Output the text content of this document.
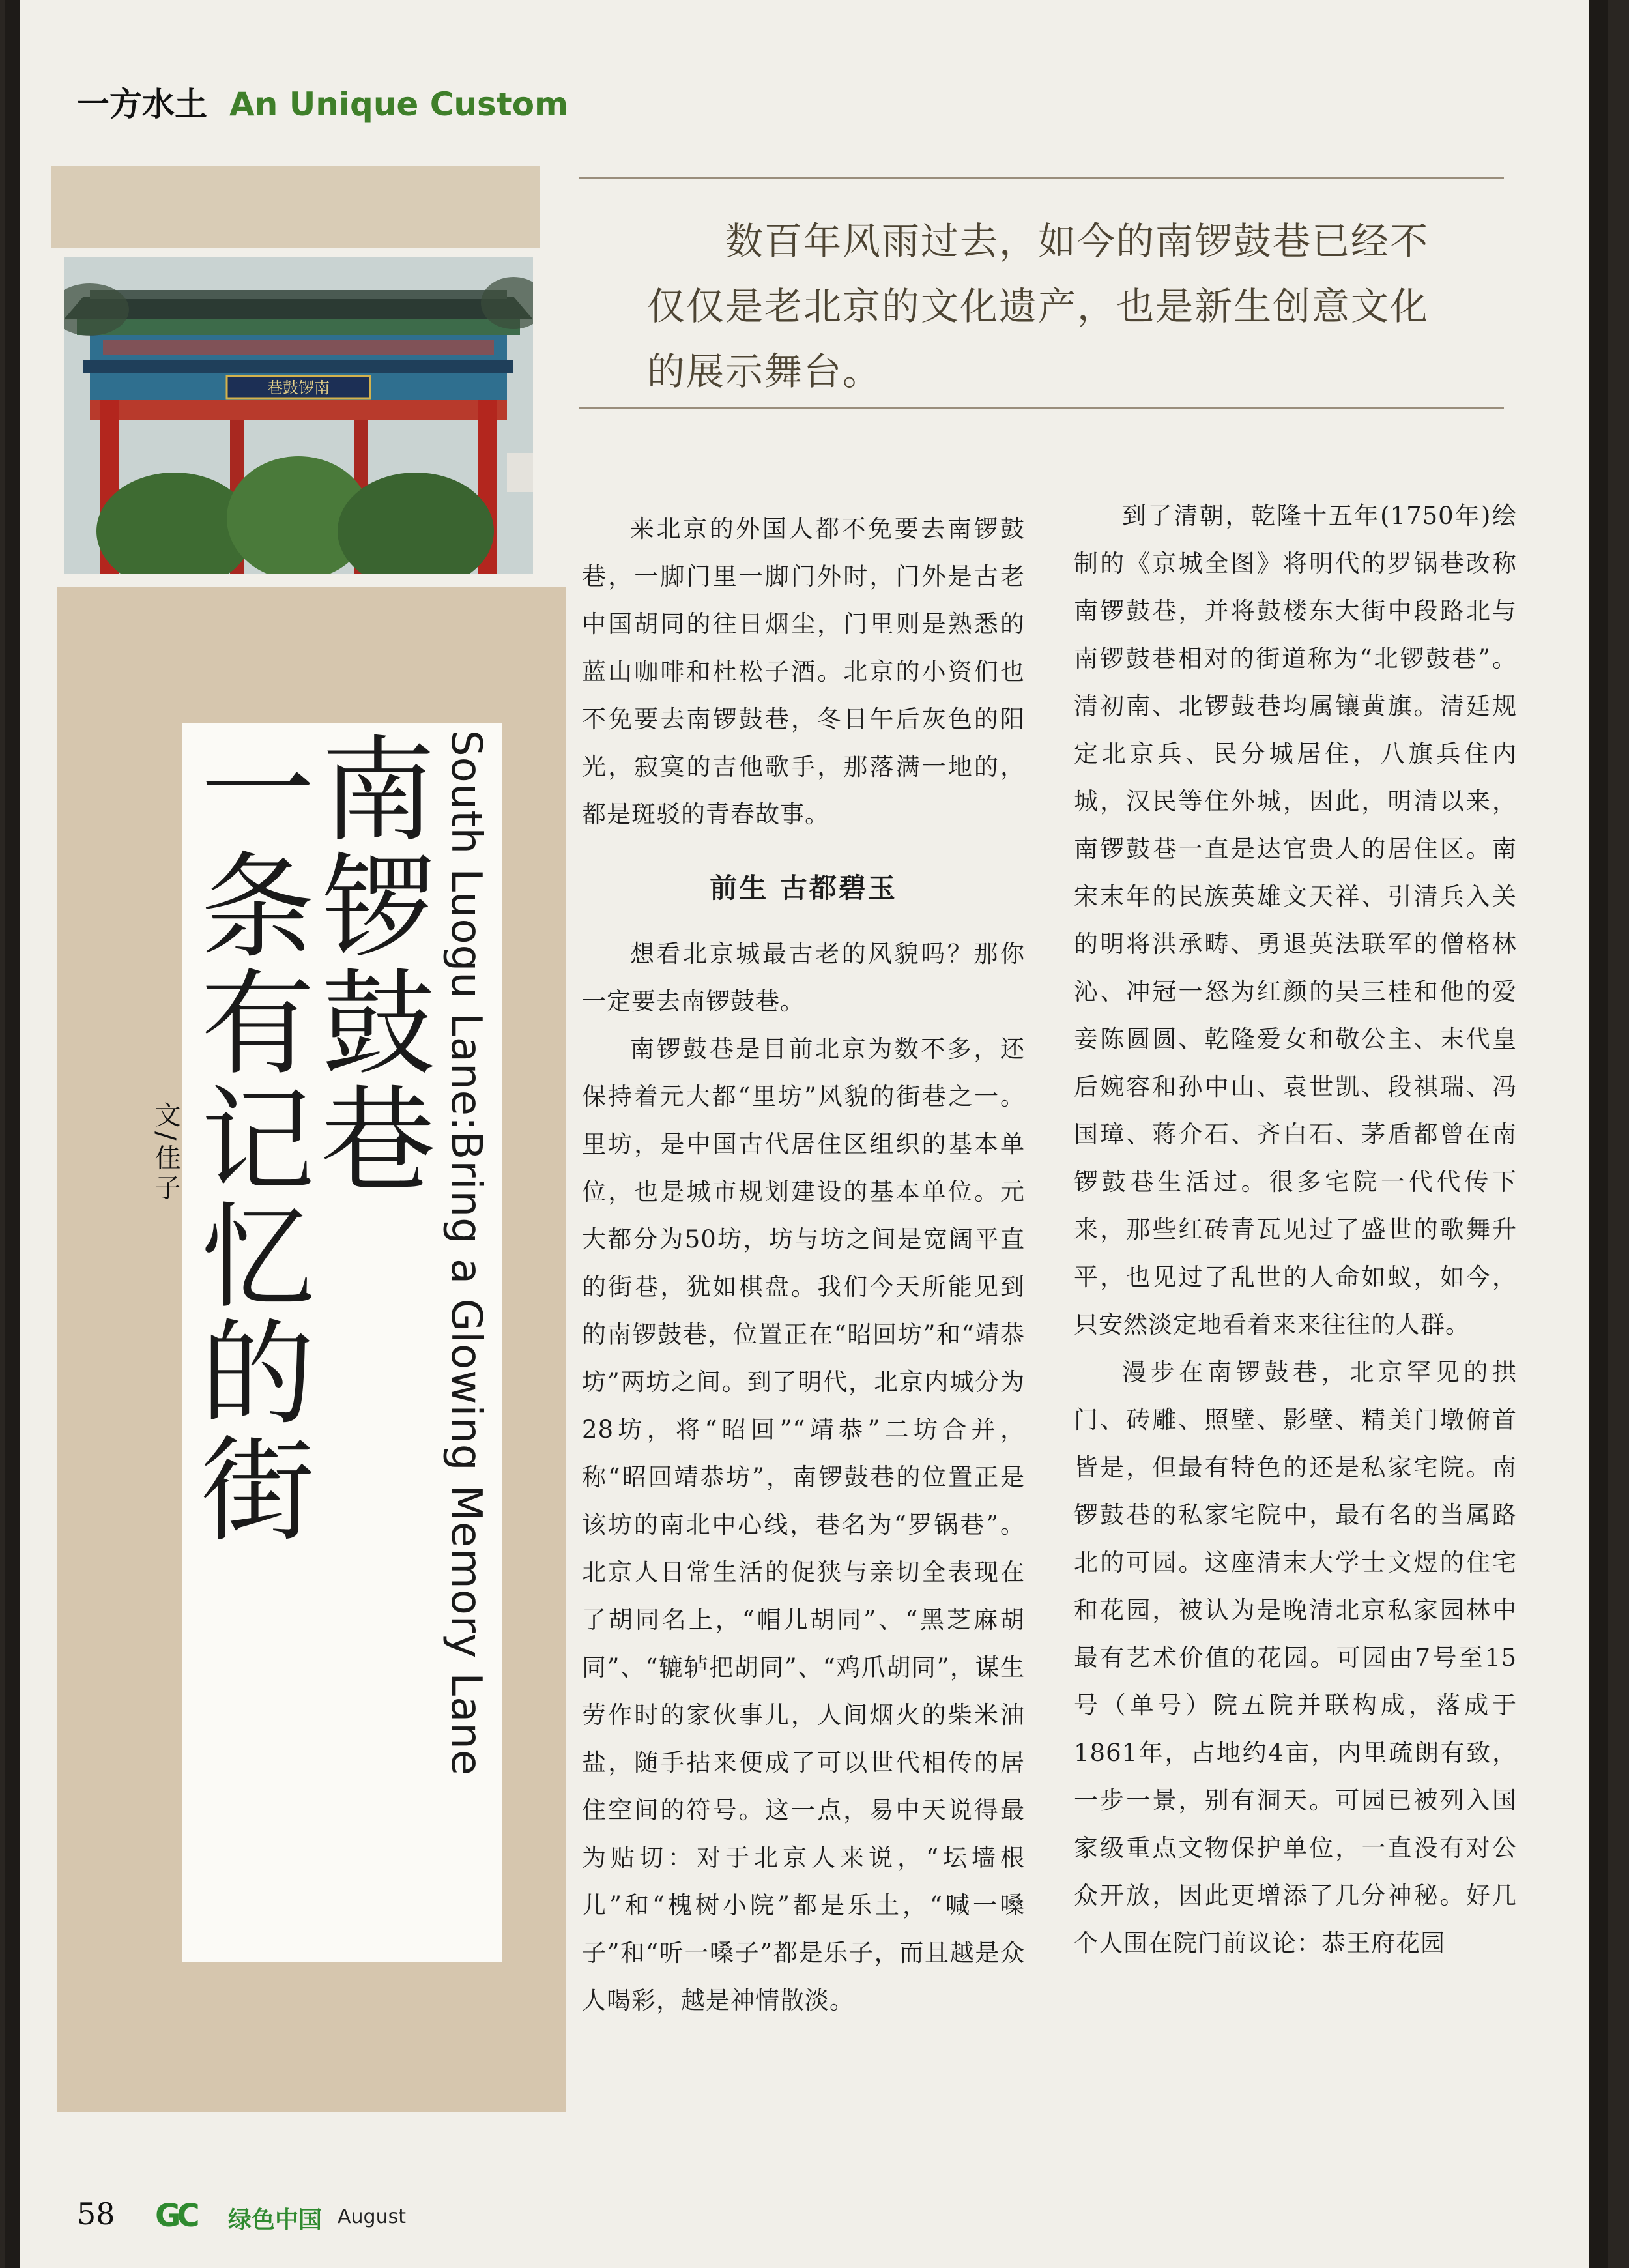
一方水土 An Unique Custom
巷鼓锣南
南锣鼓巷
一条有记忆的街	South Luogu Lane:Bring a Glowing Memory Lane
文/佳子
数百年风雨过去，如今的南锣鼓巷已经不仅仅是老北京的文化遗产，也是新生创意文化的展示舞台。

来北京的外国人都不免要去南锣鼓巷，一脚门里一脚门外时，门外是古老中国胡同的往日烟尘，门里则是熟悉的蓝山咖啡和杜松子酒。北京的小资们也不免要去南锣鼓巷，冬日午后灰色的阳光，寂寞的吉他歌手，那落满一地的，都是斑驳的青春故事。

前生 古都碧玉

想看北京城最古老的风貌吗？那你一定要去南锣鼓巷。

南锣鼓巷是目前北京为数不多，还保持着元大都“里坊”风貌的街巷之一。里坊，是中国古代居住区组织的基本单位，也是城市规划建设的基本单位。元大都分为50坊，坊与坊之间是宽阔平直的街巷，犹如棋盘。我们今天所能见到的南锣鼓巷，位置正在“昭回坊”和“靖恭坊”两坊之间。到了明代，北京内城分为28坊，将“昭回”“靖恭”二坊合并，称“昭回靖恭坊”，南锣鼓巷的位置正是该坊的南北中心线，巷名为“罗锅巷”。北京人日常生活的促狭与亲切全表现在了胡同名上，“帽儿胡同”、“黑芝麻胡同”、“辘轳把胡同”、“鸡爪胡同”，谋生劳作时的家伙事儿，人间烟火的柴米油盐，随手拈来便成了可以世代相传的居住空间的符号。这一点，易中天说得最为贴切：对于北京人来说，“坛墙根儿”和“槐树小院”都是乐土，“喊一嗓子”和“听一嗓子”都是乐子，而且越是众人喝彩，越是神情散淡。

到了清朝，乾隆十五年(1750年)绘制的《京城全图》将明代的罗锅巷改称南锣鼓巷，并将鼓楼东大街中段路北与南锣鼓巷相对的街道称为“北锣鼓巷”。清初南、北锣鼓巷均属镶黄旗。清廷规定北京兵、民分城居住，八旗兵住内城，汉民等住外城，因此，明清以来，南锣鼓巷一直是达官贵人的居住区。南宋末年的民族英雄文天祥、引清兵入关的明将洪承畴、勇退英法联军的僧格林沁、冲冠一怒为红颜的吴三桂和他的爱妾陈圆圆、乾隆爱女和敬公主、末代皇后婉容和孙中山、袁世凯、段祺瑞、冯国璋、蒋介石、齐白石、茅盾都曾在南锣鼓巷生活过。很多宅院一代代传下来，那些红砖青瓦见过了盛世的歌舞升平，也见过了乱世的人命如蚁，如今，只安然淡定地看着来来往往的人群。

漫步在南锣鼓巷，北京罕见的拱门、砖雕、照壁、影壁、精美门墩俯首皆是，但最有特色的还是私家宅院。南锣鼓巷的私家宅院中，最有名的当属路北的可园。这座清末大学士文煜的住宅和花园，被认为是晚清北京私家园林中最有艺术价值的花园。可园由7号至15号（单号）院五院并联构成，落成于1861年，占地约4亩，内里疏朗有致，一步一景，别有洞天。可园已被列入国家级重点文物保护单位，一直没有对公众开放，因此更增添了几分神秘。好几个人围在院门前议论：恭王府花园

58 GC 绿色中国 August
